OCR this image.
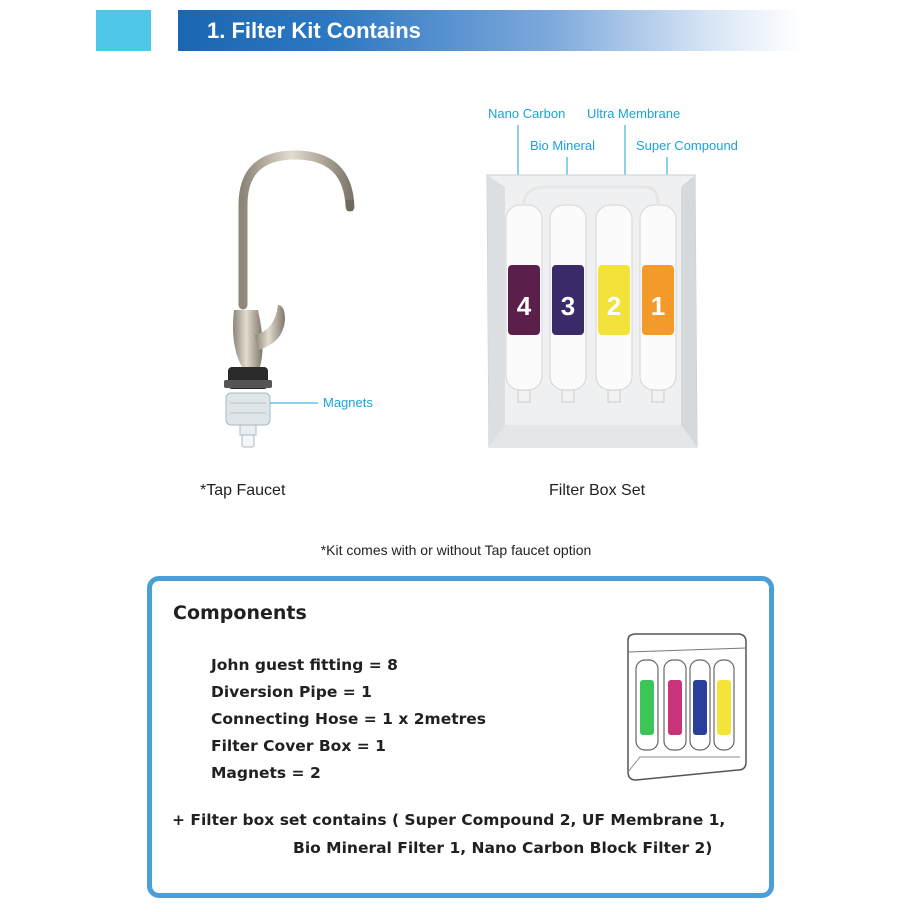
1. Filter Kit Contains
Magnets
*Tap Faucet
Nano Carbon Ultra Membrane
Bio Mineral	Super Compound
4 3 2 1
Filter Box Set
*Kit comes with or without Tap faucet option
Components
John guest fitting = 8
Diversion Pipe = 1
Connecting Hose = 1 x 2metres
Filter Cover Box = 1
Magnets = 2
+ Filter box set contains ( Super Compound 2, UF Membrane 1,
Bio Mineral Filter 1, Nano Carbon Block Filter 2)
